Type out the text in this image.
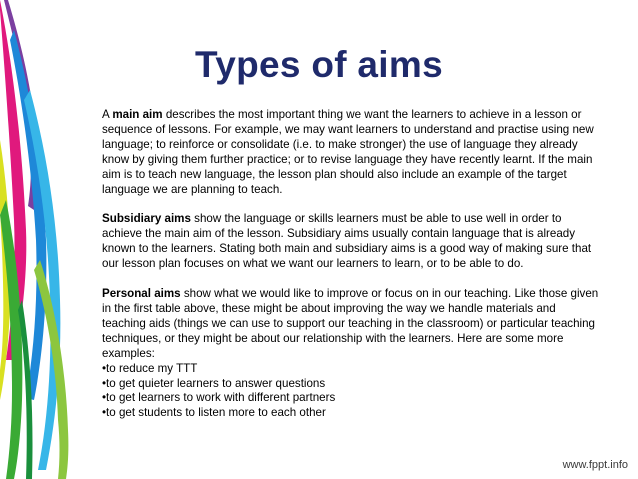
Types of aims

A main aim describes the most important thing we want the learners to achieve in a lesson or sequence of lessons. For example, we may want learners to understand and practise using new language; to reinforce or consolidate (i.e. to make stronger) the use of language they already know by giving them further practice; or to revise language they have recently learnt. If the main aim is to teach new language, the lesson plan should also include an example of the target language we are planning to teach.

Subsidiary aims show the language or skills learners must be able to use well in order to achieve the main aim of the lesson. Subsidiary aims usually contain language that is already known to the learners. Stating both main and subsidiary aims is a good way of making sure that our lesson plan focuses on what we want our learners to learn, or to be able to do.

Personal aims show what we would like to improve or focus on in our teaching. Like those given in the first table above, these might be about improving the way we handle materials and teaching aids (things we can use to support our teaching in the classroom) or particular teaching techniques, or they might be about our relationship with the learners. Here are some more examples:
•to reduce my TTT
•to get quieter learners to answer questions
•to get learners to work with different partners
•to get students to listen more to each other
www.fppt.info
